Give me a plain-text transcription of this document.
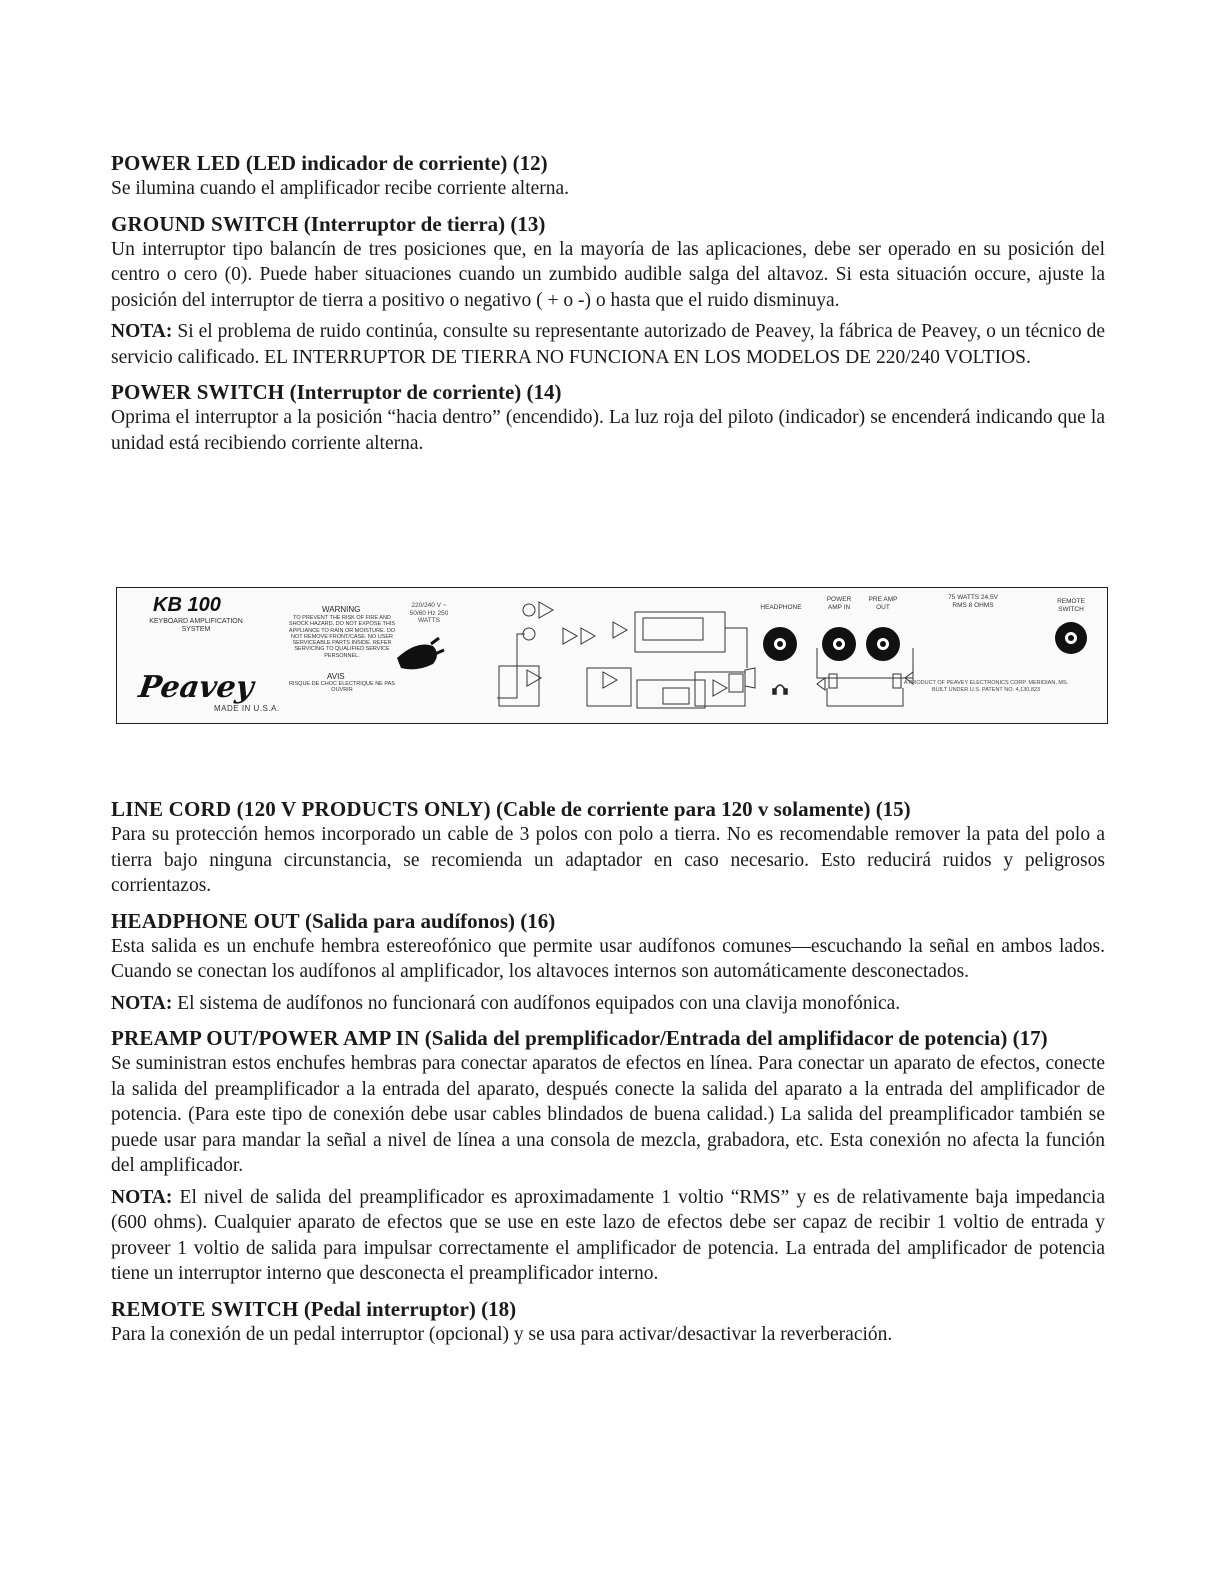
POWER LED (LED indicador de corriente) (12)

Se ilumina cuando el amplificador recibe corriente alterna.

GROUND SWITCH (Interruptor de tierra) (13)

Un interruptor tipo balancín de tres posiciones que, en la mayoría de las aplicaciones, debe ser operado en su posición del centro o cero (0). Puede haber situaciones cuando un zumbido audible salga del altavoz. Si esta situación occure, ajuste la posición del interruptor de tierra a positivo o negativo ( + o -) o hasta que el ruido disminuya.

NOTA: Si el problema de ruido continúa, consulte su representante autorizado de Peavey, la fábrica de Peavey, o un técnico de servicio calificado. EL INTERRUPTOR DE TIERRA NO FUNCIONA EN LOS MODELOS DE 220/240 VOLTIOS.

POWER SWITCH (Interruptor de corriente) (14)

Oprima el interruptor a la posición “hacia dentro” (encendido). La luz roja del piloto (indicador) se encenderá indicando que la unidad está recibiendo corriente alterna.

KB 100
KEYBOARD AMPLIFICATION SYSTEM
WARNING
TO PREVENT THE RISK OF FIRE AND SHOCK HAZARD, DO NOT EXPOSE THIS APPLIANCE TO RAIN OR MOISTURE. DO NOT REMOVE FRONT/CASE. NO USER SERVICEABLE PARTS INSIDE. REFER SERVICING TO QUALIFIED SERVICE PERSONNEL.
AVIS
RISQUE DE CHOC ELECTRIQUE NE PAS OUVRIR
220/240 V ~ 50/60 Hz 250 WATTS
Peavey
MADE IN U.S.A.
HEADPHONE
POWER AMP IN
PRE AMP OUT
75 WATTS 24.5V RMS 8 OHMS	REMOTE SWITCH
A PRODUCT OF PEAVEY ELECTRONICS CORP. MERIDIAN, MS. BUILT UNDER U.S. PATENT NO. 4,130,823
LINE CORD (120 V PRODUCTS ONLY) (Cable de corriente para 120 v solamente) (15)

Para su protección hemos incorporado un cable de 3 polos con polo a tierra. No es recomendable remover la pata del polo a tierra bajo ninguna circunstancia, se recomienda un adaptador en caso necesario. Esto reducirá ruidos y peligrosos corrientazos.

HEADPHONE OUT (Salida para audífonos) (16)

Esta salida es un enchufe hembra estereofónico que permite usar audífonos comunes—escuchando la señal en ambos lados. Cuando se conectan los audífonos al amplificador, los altavoces internos son automáticamente desconectados.

NOTA: El sistema de audífonos no funcionará con audífonos equipados con una clavija monofónica.

PREAMP OUT/POWER AMP IN (Salida del premplificador/Entrada del amplifidacor de potencia) (17)

Se suministran estos enchufes hembras para conectar aparatos de efectos en línea. Para conectar un aparato de efectos, conecte la salida del preamplificador a la entrada del aparato, después conecte la salida del aparato a la entrada del amplificador de potencia. (Para este tipo de conexión debe usar cables blindados de buena calidad.) La salida del preamplificador también se puede usar para mandar la señal a nivel de línea a una consola de mezcla, grabadora, etc. Esta conexión no afecta la función del amplificador.

NOTA: El nivel de salida del preamplificador es aproximadamente 1 voltio “RMS” y es de relativamente baja impedancia (600 ohms). Cualquier aparato de efectos que se use en este lazo de efectos debe ser capaz de recibir 1 voltio de entrada y proveer 1 voltio de salida para impulsar correctamente el amplificador de potencia. La entrada del amplificador de potencia tiene un interruptor interno que desconecta el preamplificador interno.

REMOTE SWITCH (Pedal interruptor) (18)

Para la conexión de un pedal interruptor (opcional) y se usa para activar/desactivar la reverberación.
